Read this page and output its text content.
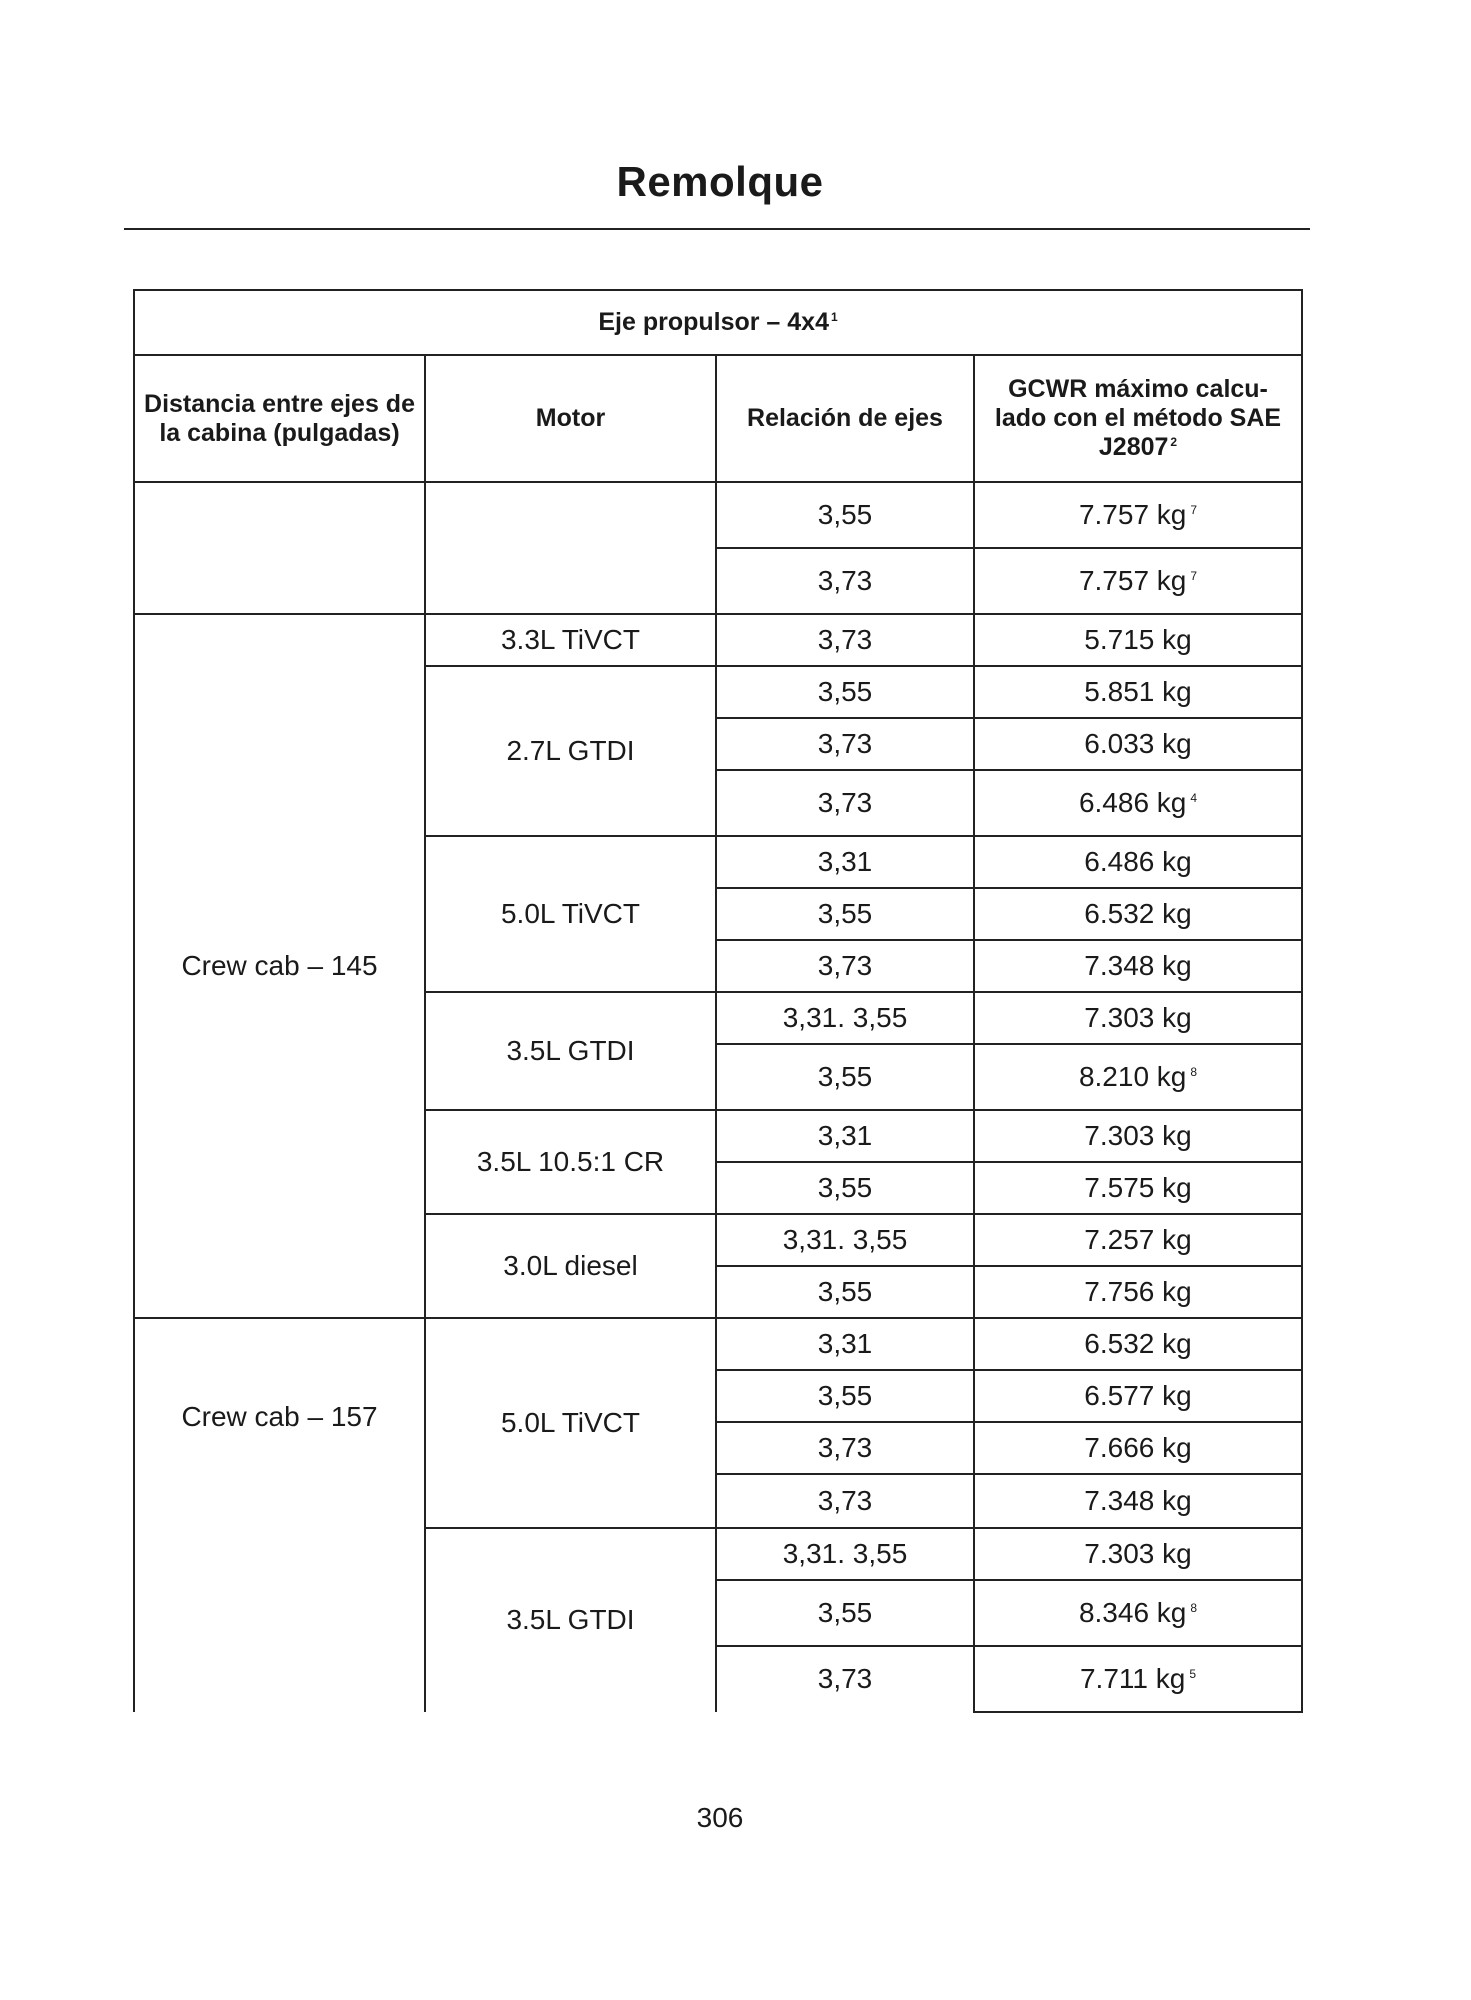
Remolque
Eje propulsor – 4x4 $^1$
Distancia entre ejes de la cabina (pulgadas)	Motor	Relación de ejes	GCWR máximo calcu- lado con el método SAE J2807 $^2$
		3,55	7.757 kg $^7$
		3,73	7.757 kg $^7$
Crew cab – 145	3.3L TiVCT	3,73	5.715 kg
	2.7L GTDI	3,55	5.851 kg
		3,73	6.033 kg
		3,73	6.486 kg $^4$
	5.0L TiVCT	3,31	6.486 kg
		3,55	6.532 kg
		3,73	7.348 kg
	3.5L GTDI	3,31. 3,55	7.303 kg
		3,55	8.210 kg $^8$
	3.5L 10.5:1 CR	3,31	7.303 kg
		3,55	7.575 kg
	3.0L diesel	3,31. 3,55	7.257 kg
		3,55	7.756 kg
Crew cab – 157	5.0L TiVCT	3,31	6.532 kg
		3,55	6.577 kg
		3,73	7.666 kg
		3,73	7.348 kg
	3.5L GTDI	3,31. 3,55	7.303 kg
		3,55	8.346 kg $^8$
		3,73	7.711 kg $^5$
306
